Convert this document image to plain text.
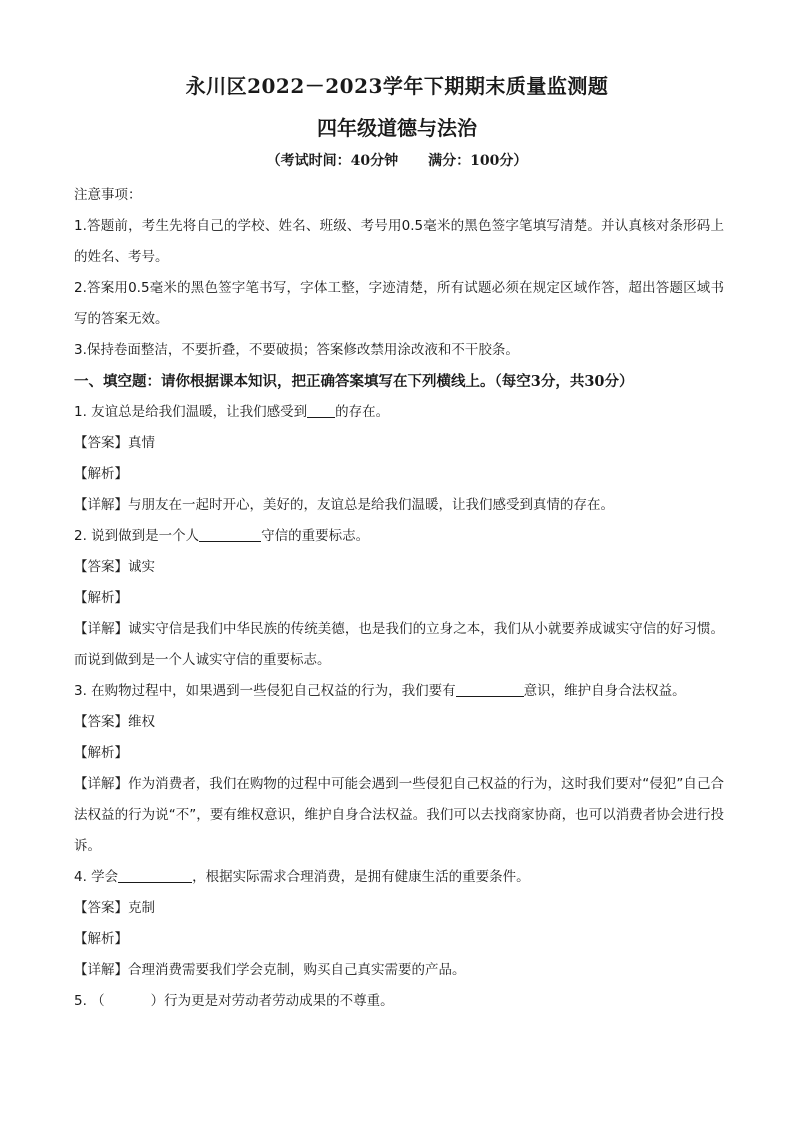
永川区2022－2023学年下期期末质量监测题
四年级道德与法治
（考试时间：40分钟 满分：100分）
注意事项：
1.答题前，考生先将自己的学校、姓名、班级、考号用0.5毫米的黑色签字笔填写清楚。并认真核对条形码上的姓名、考号。
2.答案用0.5毫米的黑色签字笔书写，字体工整，字迹清楚，所有试题必须在规定区域作答，超出答题区域书写的答案无效。
3.保持卷面整洁，不要折叠，不要破损；答案修改禁用涂改液和不干胶条。
一、填空题：请你根据课本知识，把正确答案填写在下列横线上。（每空3分，共30分）
1. 友谊总是给我们温暖，让我们感受到 的存在。
【答案】真情
【解析】
【详解】与朋友在一起时开心，美好的，友谊总是给我们温暖，让我们感受到真情的存在。
2. 说到做到是一个人	守信的重要标志。
【答案】诚实
【解析】
【详解】诚实守信是我们中华民族的传统美德，也是我们的立身之本，我们从小就要养成诚实守信的好习惯。而说到做到是一个人诚实守信的重要标志。
3. 在购物过程中，如果遇到一些侵犯自己权益的行为，我们要有	意识，维护自身合法权益。
【答案】维权
【解析】
【详解】作为消费者，我们在购物的过程中可能会遇到一些侵犯自己权益的行为，这时我们要对“侵犯”自己合法权益的行为说“不”，要有维权意识，维护自身合法权益。我们可以去找商家协商，也可以消费者协会进行投诉。
4. 学会	，根据实际需求合理消费，是拥有健康生活的重要条件。
【答案】克制
【解析】
【详解】合理消费需要我们学会克制，购买自己真实需要的产品。
5. （	）行为更是对劳动者劳动成果的不尊重。
